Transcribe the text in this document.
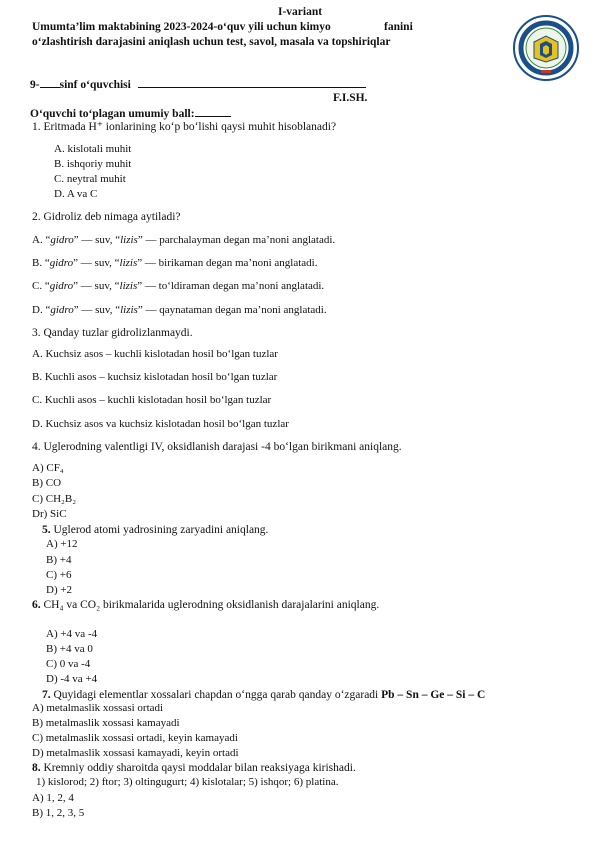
I-variant
Umumta’lim maktabining 2023-2024-o‘quv yili uchun kimyo	fanini
o‘zlashtirish darajasini aniqlash uchun test, savol, masala va topshiriqlar
9- sinf o‘quvchisi
F.I.SH.
O‘quvchi to‘plagan umumiy ball:
1. Eritmada H⁺ ionlarining ko‘p bo‘lishi qaysi muhit hisoblanadi?
A. kislotali muhit
B. ishqoriy muhit
C. neytral muhit
D. A va C
2. Gidroliz deb nimaga aytiladi?
A. “gidro” — suv, “lizis” — parchalayman degan ma’noni anglatadi.
B. “gidro” — suv, “lizis” — birikaman degan ma’noni anglatadi.
C. “gidro” — suv, “lizis” — to‘ldiraman degan ma’noni anglatadi.
D. “gidro” — suv, “lizis” — qaynataman degan ma’noni anglatadi.
3. Qanday tuzlar gidrolizlanmaydi.
A. Kuchsiz asos – kuchli kislotadan hosil bo‘lgan tuzlar
B. Kuchli asos – kuchsiz kislotadan hosil bo‘lgan tuzlar
C. Kuchli asos – kuchli kislotadan hosil bo‘lgan tuzlar
D. Kuchsiz asos va kuchsiz kislotadan hosil bo‘lgan tuzlar
4. Uglerodning valentligi IV, oksidlanish darajasi -4 bo‘lgan birikmani aniqlang.
A) CF₄
B) CO
C) CH₂B₂
Dr) SiC
5. Uglerod atomi yadrosining zaryadini aniqlang.
A) +12
B) +4
C) +6
D) +2
6. CH₄ va CO₂ birikmalarida uglerodning oksidlanish darajalarini aniqlang.
A) +4 va -4
B) +4 va 0
C) 0 va -4
D) -4 va +4
7. Quyidagi elementlar xossalari chapdan o‘ngga qarab qanday o‘zgaradi Pb – Sn – Ge – Si – C
A) metalmaslik xossasi ortadi
B) metalmaslik xossasi kamayadi
C) metalmaslik xossasi ortadi, keyin kamayadi
D) metalmaslik xossasi kamayadi, keyin ortadi
8. Kremniy oddiy sharoitda qaysi moddalar bilan reaksiyaga kirishadi.
1) kislorod; 2) ftor; 3) oltingugurt; 4) kislotalar; 5) ishqor; 6) platina.
A) 1, 2, 4
B) 1, 2, 3, 5
